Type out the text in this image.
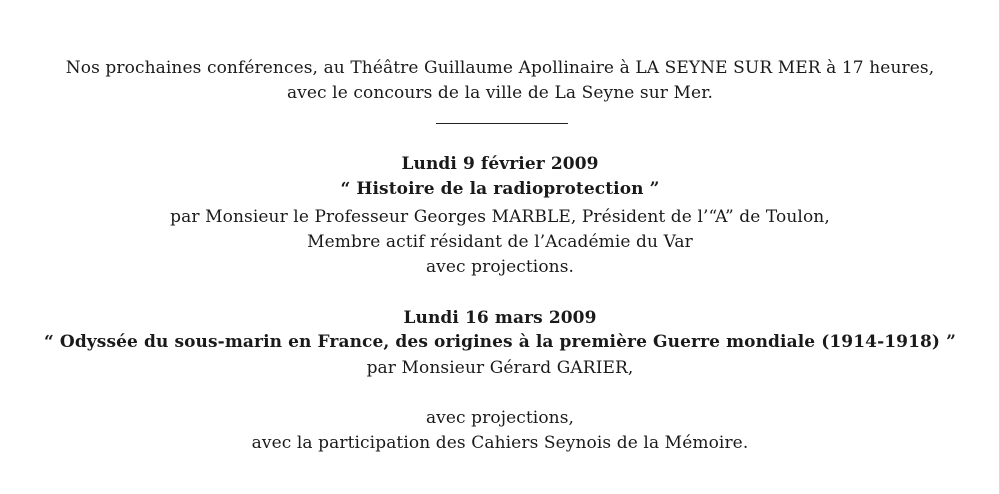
Nos prochaines conférences, au Théâtre Guillaume Apollinaire à LA SEYNE SUR MER à 17 heures,
avec le concours de la ville de La Seyne sur Mer.
Lundi 9 février 2009
“ Histoire de la radioprotection ”
par Monsieur le Professeur Georges MARBLE, Président de l’“A” de Toulon,
Membre actif résidant de l’Académie du Var
avec projections.
Lundi 16 mars 2009
“ Odyssée du sous-marin en France, des origines à la première Guerre mondiale (1914-1918) ”
par Monsieur Gérard GARIER,
avec projections,
avec la participation des Cahiers Seynois de la Mémoire.
